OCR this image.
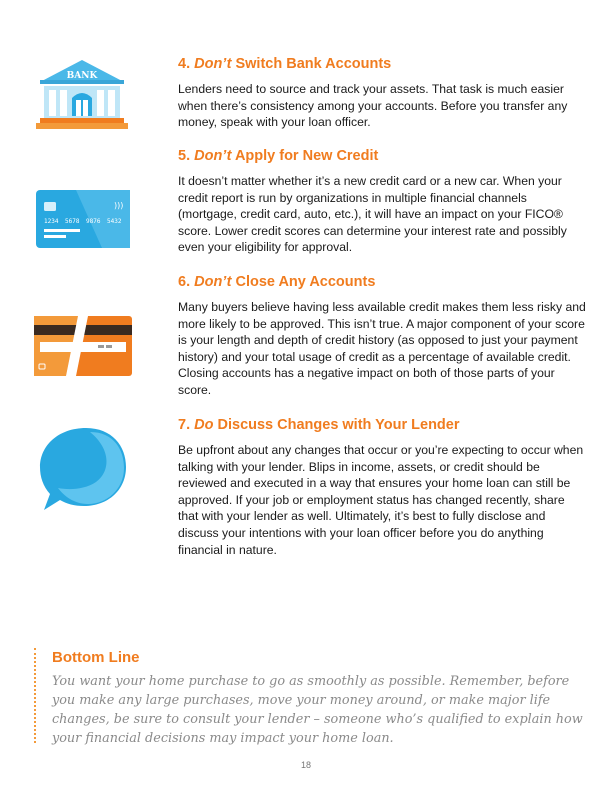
BANK
)))
1234 5678 9876 5432
4. Don’t Switch Bank Accounts

Lenders need to source and track your assets. That task is much easier when there’s consistency among your accounts. Before you transfer any money, speak with your loan officer.

5. Don’t Apply for New Credit

It doesn’t matter whether it’s a new credit card or a new car. When your credit report is run by organizations in multiple financial channels (mortgage, credit card, auto, etc.), it will have an impact on your FICO® score. Lower credit scores can determine your interest rate and possibly even your eligibility for approval.

6. Don’t Close Any Accounts

Many buyers believe having less available credit makes them less risky and more likely to be approved. This isn’t true. A major component of your score is your length and depth of credit history (as opposed to just your payment history) and your total usage of credit as a percentage of available credit. Closing accounts has a negative impact on both of those parts of your score.

7. Do Discuss Changes with Your Lender

Be upfront about any changes that occur or you’re expecting to occur when talking with your lender. Blips in income, assets, or credit should be reviewed and executed in a way that ensures your home loan can still be approved. If your job or employment status has changed recently, share that with your lender as well. Ultimately, it’s best to fully disclose and discuss your intentions with your loan officer before you do anything financial in nature.

Bottom Line

You want your home purchase to go as smoothly as possible. Remember, before you make any large purchases, move your money around, or make major life changes, be sure to consult your lender – someone who’s qualified to explain how your financial decisions may impact your home loan.

18
